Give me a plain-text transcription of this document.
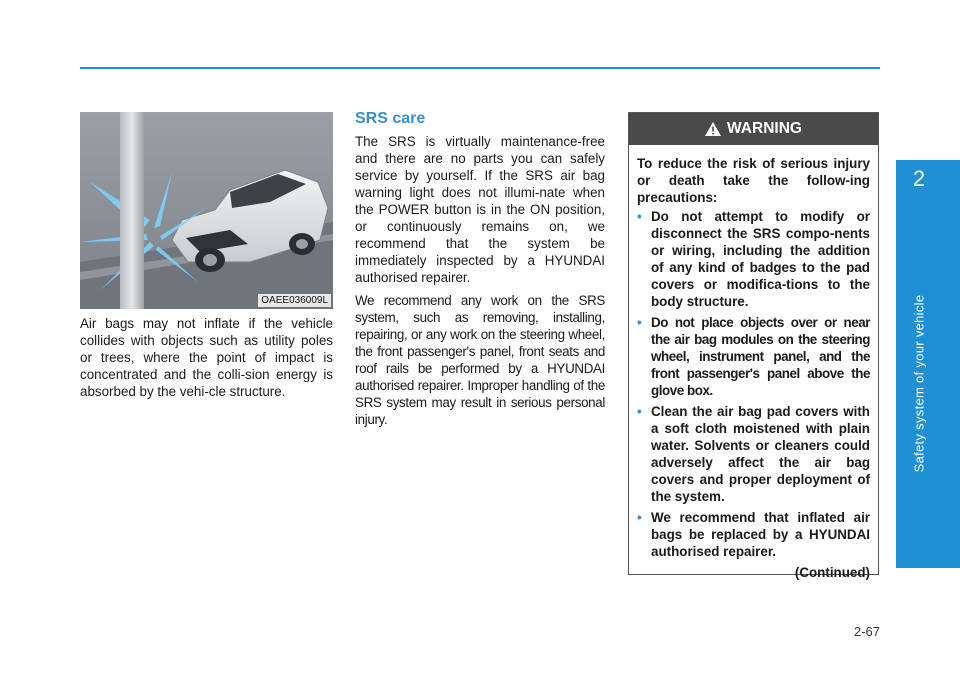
OAEE036009L

Air bags may not inflate if the vehicle collides with objects such as utility poles or trees, where the point of impact is concentrated and the colli-sion energy is absorbed by the vehi-cle structure.

SRS care

The SRS is virtually maintenance-free and there are no parts you can safely service by yourself. If the SRS air bag warning light does not illumi-nate when the POWER button is in the ON position, or continuously remains on, we recommend that the system be immediately inspected by a HYUNDAI authorised repairer.

We recommend any work on the SRS system, such as removing, installing, repairing, or any work on the steering wheel, the front passenger's panel, front seats and roof rails be performed by a HYUNDAI authorised repairer. Improper handling of the SRS system may result in serious personal injury.

WARNING

To reduce the risk of serious injury or death take the follow-ing precautions:

• Do not attempt to modify or disconnect the SRS compo-nents or wiring, including the addition of any kind of badges to the pad covers or modifica-tions to the body structure.
• Do not place objects over or near the air bag modules on the steering wheel, instrument panel, and the front passenger's panel above the glove box.
• Clean the air bag pad covers with a soft cloth moistened with plain water. Solvents or cleaners could adversely affect the air bag covers and proper deployment of the system.
• We recommend that inflated air bags be replaced by a HYUNDAI authorised repairer.

(Continued)

2
Safety system of your vehicle
2-67
